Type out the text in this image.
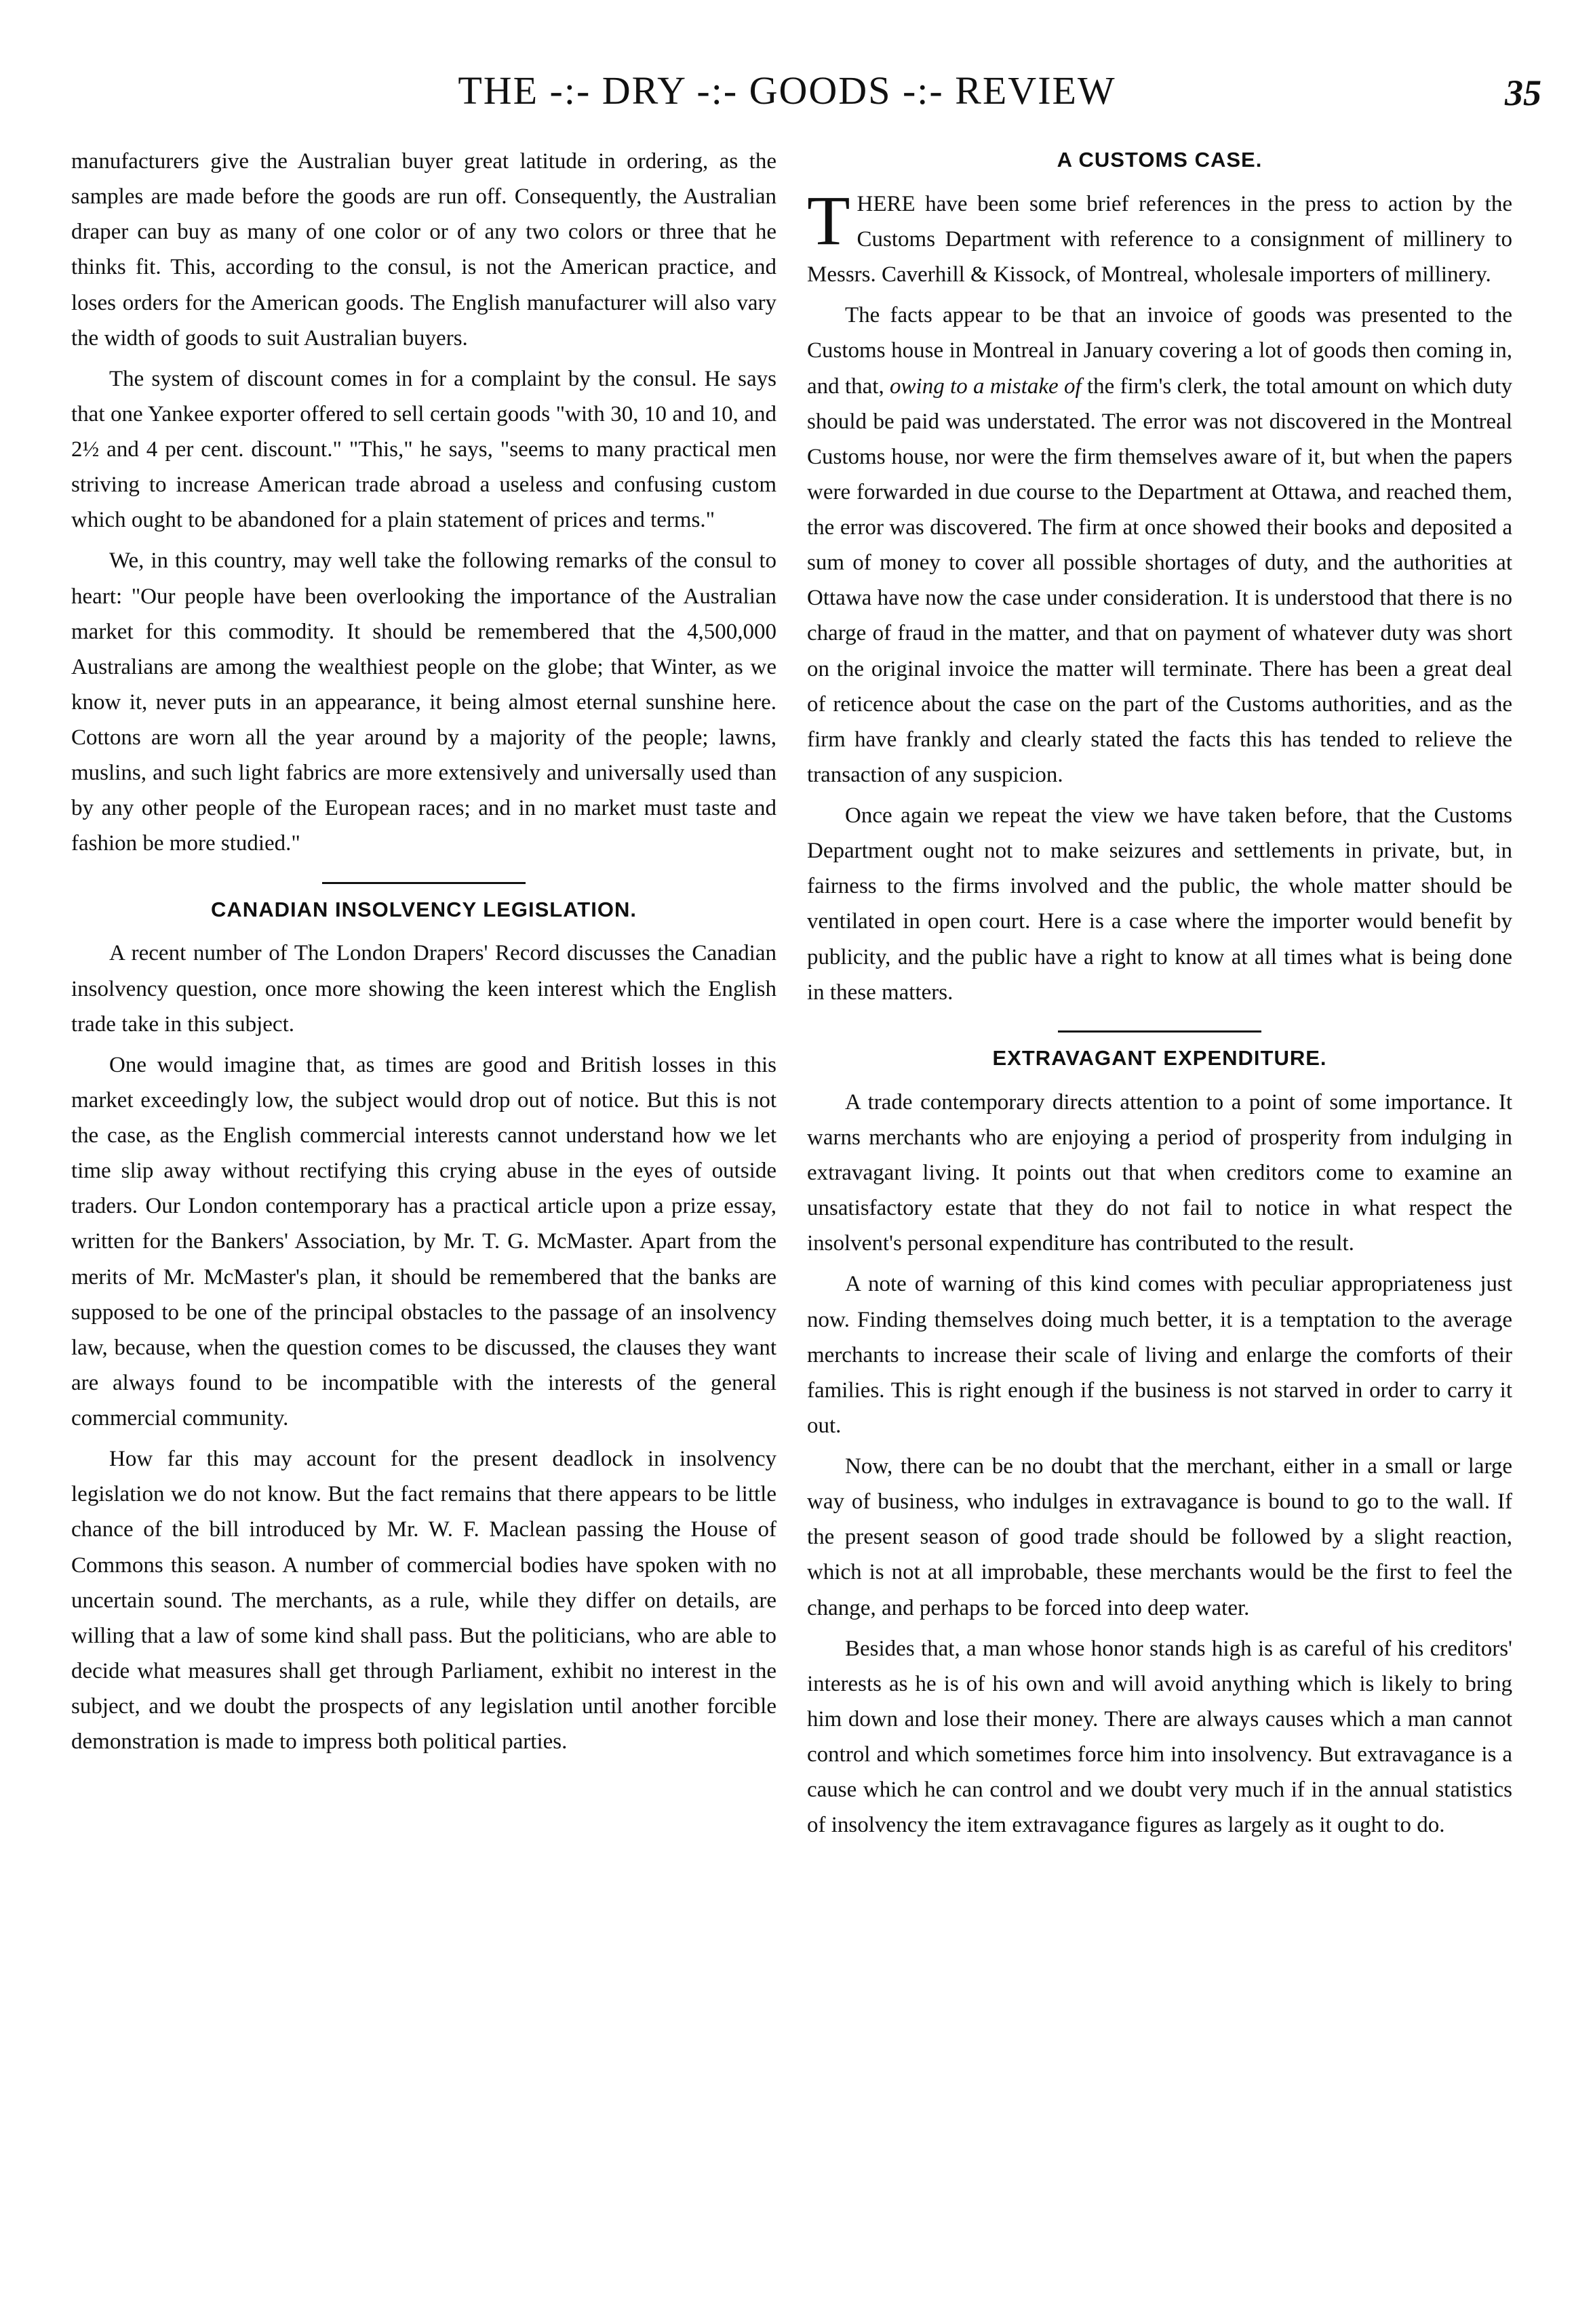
THE -:- DRY -:- GOODS -:- REVIEW	35

manufacturers give the Australian buyer great latitude in ordering, as the samples are made before the goods are run off. Consequently, the Australian draper can buy as many of one color or of any two colors or three that he thinks fit. This, according to the consul, is not the American practice, and loses orders for the American goods. The English manufacturer will also vary the width of goods to suit Australian buyers.

The system of discount comes in for a complaint by the consul. He says that one Yankee exporter offered to sell certain goods "with 30, 10 and 10, and 2½ and 4 per cent. discount." "This," he says, "seems to many practical men striving to increase American trade abroad a useless and confusing custom which ought to be abandoned for a plain statement of prices and terms."

We, in this country, may well take the following remarks of the consul to heart: "Our people have been overlooking the importance of the Australian market for this commodity. It should be remembered that the 4,500,000 Australians are among the wealthiest people on the globe; that Winter, as we know it, never puts in an appearance, it being almost eternal sunshine here. Cottons are worn all the year around by a majority of the people; lawns, muslins, and such light fabrics are more extensively and universally used than by any other people of the European races; and in no market must taste and fashion be more studied."

CANADIAN INSOLVENCY LEGISLATION.

A recent number of The London Drapers' Record discusses the Canadian insolvency question, once more showing the keen interest which the English trade take in this subject.

One would imagine that, as times are good and British losses in this market exceedingly low, the subject would drop out of notice. But this is not the case, as the English commercial interests cannot understand how we let time slip away without rectifying this crying abuse in the eyes of outside traders. Our London contemporary has a practical article upon a prize essay, written for the Bankers' Association, by Mr. T. G. McMaster. Apart from the merits of Mr. McMaster's plan, it should be remembered that the banks are supposed to be one of the principal obstacles to the passage of an insolvency law, because, when the question comes to be discussed, the clauses they want are always found to be incompatible with the interests of the general commercial community.

How far this may account for the present deadlock in insolvency legislation we do not know. But the fact remains that there appears to be little chance of the bill introduced by Mr. W. F. Maclean passing the House of Commons this season. A number of commercial bodies have spoken with no uncertain sound. The merchants, as a rule, while they differ on details, are willing that a law of some kind shall pass. But the politicians, who are able to decide what measures shall get through Parliament, exhibit no interest in the subject, and we doubt the prospects of any legislation until another forcible demonstration is made to impress both political parties.

A CUSTOMS CASE.

THERE have been some brief references in the press to action by the Customs Department with reference to a consignment of millinery to Messrs. Caverhill & Kissock, of Montreal, wholesale importers of millinery.

The facts appear to be that an invoice of goods was presented to the Customs house in Montreal in January covering a lot of goods then coming in, and that, owing to a mistake of the firm's clerk, the total amount on which duty should be paid was understated. The error was not discovered in the Montreal Customs house, nor were the firm themselves aware of it, but when the papers were forwarded in due course to the Department at Ottawa, and reached them, the error was discovered. The firm at once showed their books and deposited a sum of money to cover all possible shortages of duty, and the authorities at Ottawa have now the case under consideration. It is understood that there is no charge of fraud in the matter, and that on payment of whatever duty was short on the original invoice the matter will terminate. There has been a great deal of reticence about the case on the part of the Customs authorities, and as the firm have frankly and clearly stated the facts this has tended to relieve the transaction of any suspicion.

Once again we repeat the view we have taken before, that the Customs Department ought not to make seizures and settlements in private, but, in fairness to the firms involved and the public, the whole matter should be ventilated in open court. Here is a case where the importer would benefit by publicity, and the public have a right to know at all times what is being done in these matters.

EXTRAVAGANT EXPENDITURE.

A trade contemporary directs attention to a point of some importance. It warns merchants who are enjoying a period of prosperity from indulging in extravagant living. It points out that when creditors come to examine an unsatisfactory estate that they do not fail to notice in what respect the insolvent's personal expenditure has contributed to the result.

A note of warning of this kind comes with peculiar appropriateness just now. Finding themselves doing much better, it is a temptation to the average merchants to increase their scale of living and enlarge the comforts of their families. This is right enough if the business is not starved in order to carry it out.

Now, there can be no doubt that the merchant, either in a small or large way of business, who indulges in extravagance is bound to go to the wall. If the present season of good trade should be followed by a slight reaction, which is not at all improbable, these merchants would be the first to feel the change, and perhaps to be forced into deep water.

Besides that, a man whose honor stands high is as careful of his creditors' interests as he is of his own and will avoid anything which is likely to bring him down and lose their money. There are always causes which a man cannot control and which sometimes force him into insolvency. But extravagance is a cause which he can control and we doubt very much if in the annual statistics of insolvency the item extravagance figures as largely as it ought to do.
